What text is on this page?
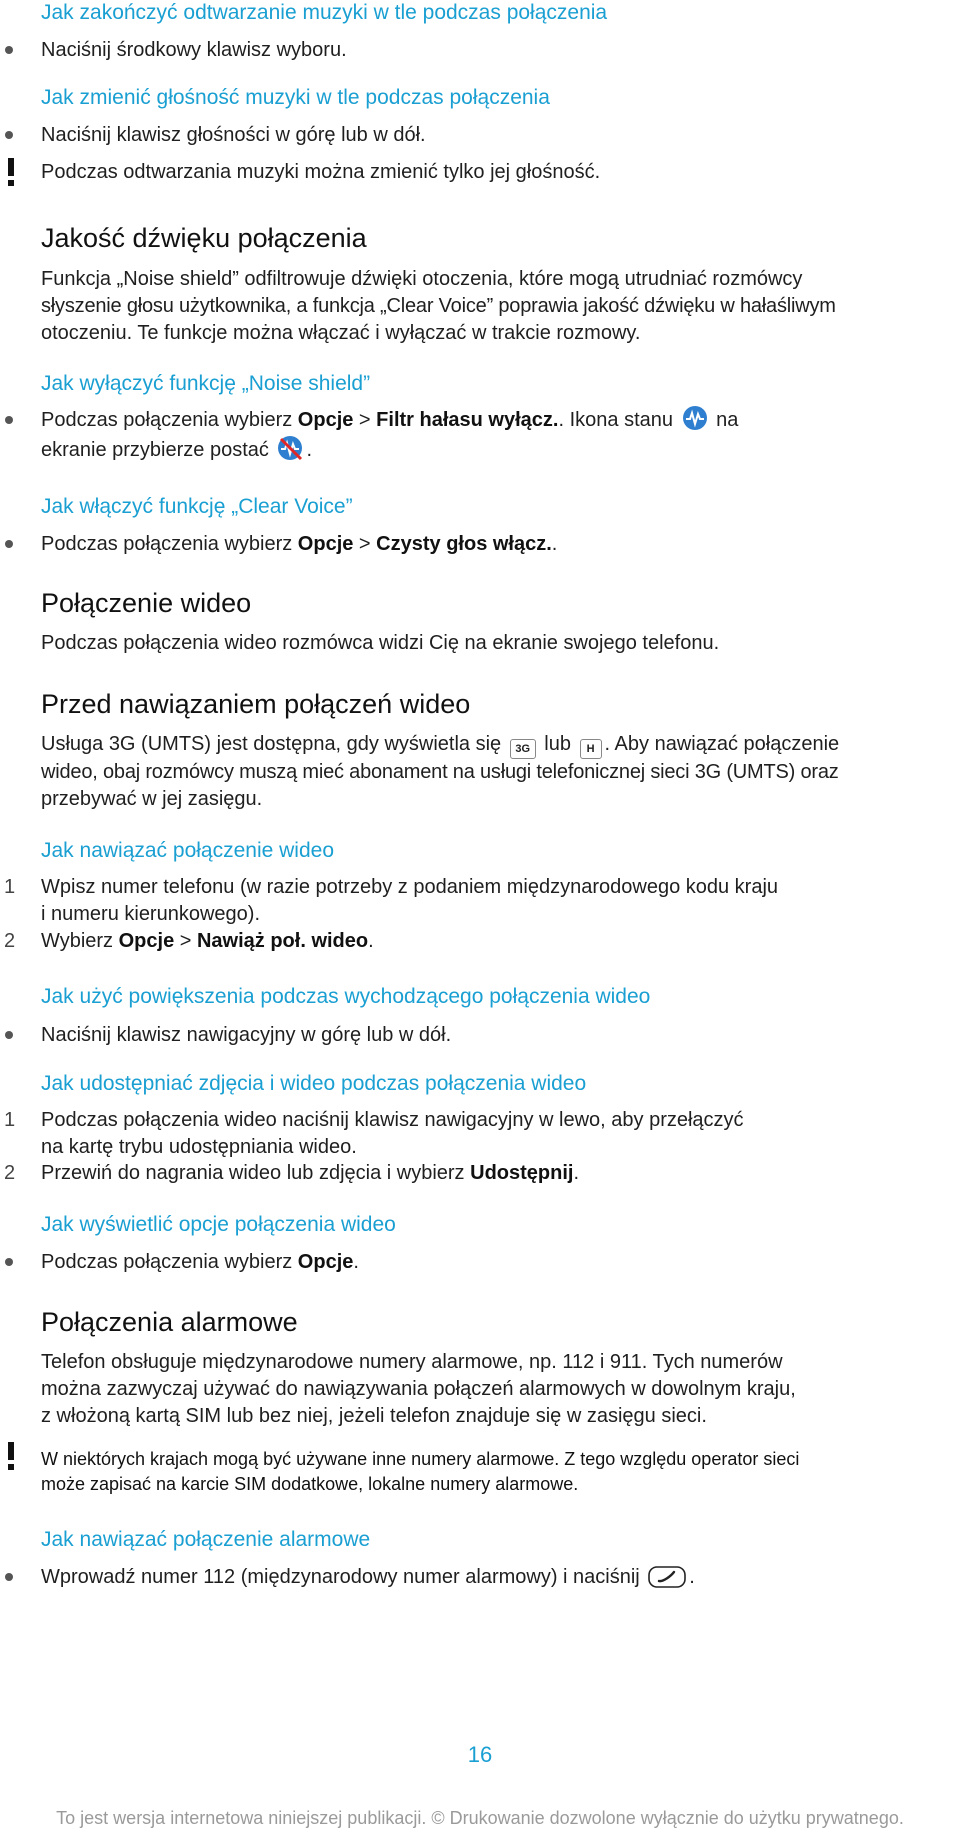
Jak zakończyć odtwarzanie muzyki w tle podczas połączenia
Naciśnij środkowy klawisz wyboru.
Jak zmienić głośność muzyki w tle podczas połączenia
Naciśnij klawisz głośności w górę lub w dół.
Podczas odtwarzania muzyki można zmienić tylko jej głośność.
Jakość dźwięku połączenia
Funkcja „Noise shield” odfiltrowuje dźwięki otoczenia, które mogą utrudniać rozmówcy
słyszenie głosu użytkownika, a funkcja „Clear Voice” poprawia jakość dźwięku w hałaśliwym
otoczeniu. Te funkcje można włączać i wyłączać w trakcie rozmowy.
Jak wyłączyć funkcję „Noise shield”
Podczas połączenia wybierz Opcje > Filtr hałasu wyłącz.. Ikona stanu  na
ekranie przybierze postać .
Jak włączyć funkcję „Clear Voice”
Podczas połączenia wybierz Opcje > Czysty głos włącz..
Połączenie wideo
Podczas połączenia wideo rozmówca widzi Cię na ekranie swojego telefonu.
Przed nawiązaniem połączeń wideo
Usługa 3G (UMTS) jest dostępna, gdy wyświetla się 3G lub H . Aby nawiązać połączenie
wideo, obaj rozmówcy muszą mieć abonament na usługi telefonicznej sieci 3G (UMTS) oraz
przebywać w jej zasięgu.
Jak nawiązać połączenie wideo
1 Wpisz numer telefonu (w razie potrzeby z podaniem międzynarodowego kodu kraju
i numeru kierunkowego).
2 Wybierz Opcje > Nawiąż poł. wideo.
Jak użyć powiększenia podczas wychodzącego połączenia wideo
Naciśnij klawisz nawigacyjny w górę lub w dół.
Jak udostępniać zdjęcia i wideo podczas połączenia wideo
1 Podczas połączenia wideo naciśnij klawisz nawigacyjny w lewo, aby przełączyć
na kartę trybu udostępniania wideo.
2 Przewiń do nagrania wideo lub zdjęcia i wybierz Udostępnij.
Jak wyświetlić opcje połączenia wideo
Podczas połączenia wybierz Opcje.
Połączenia alarmowe
Telefon obsługuje międzynarodowe numery alarmowe, np. 112 i 911. Tych numerów
można zazwyczaj używać do nawiązywania połączeń alarmowych w dowolnym kraju,
z włożoną kartą SIM lub bez niej, jeżeli telefon znajduje się w zasięgu sieci.
W niektórych krajach mogą być używane inne numery alarmowe. Z tego względu operator sieci
może zapisać na karcie SIM dodatkowe, lokalne numery alarmowe.
Jak nawiązać połączenie alarmowe
Wprowadź numer 112 (międzynarodowy numer alarmowy) i naciśnij .
16
To jest wersja internetowa niniejszej publikacji. © Drukowanie dozwolone wyłącznie do użytku prywatnego.
